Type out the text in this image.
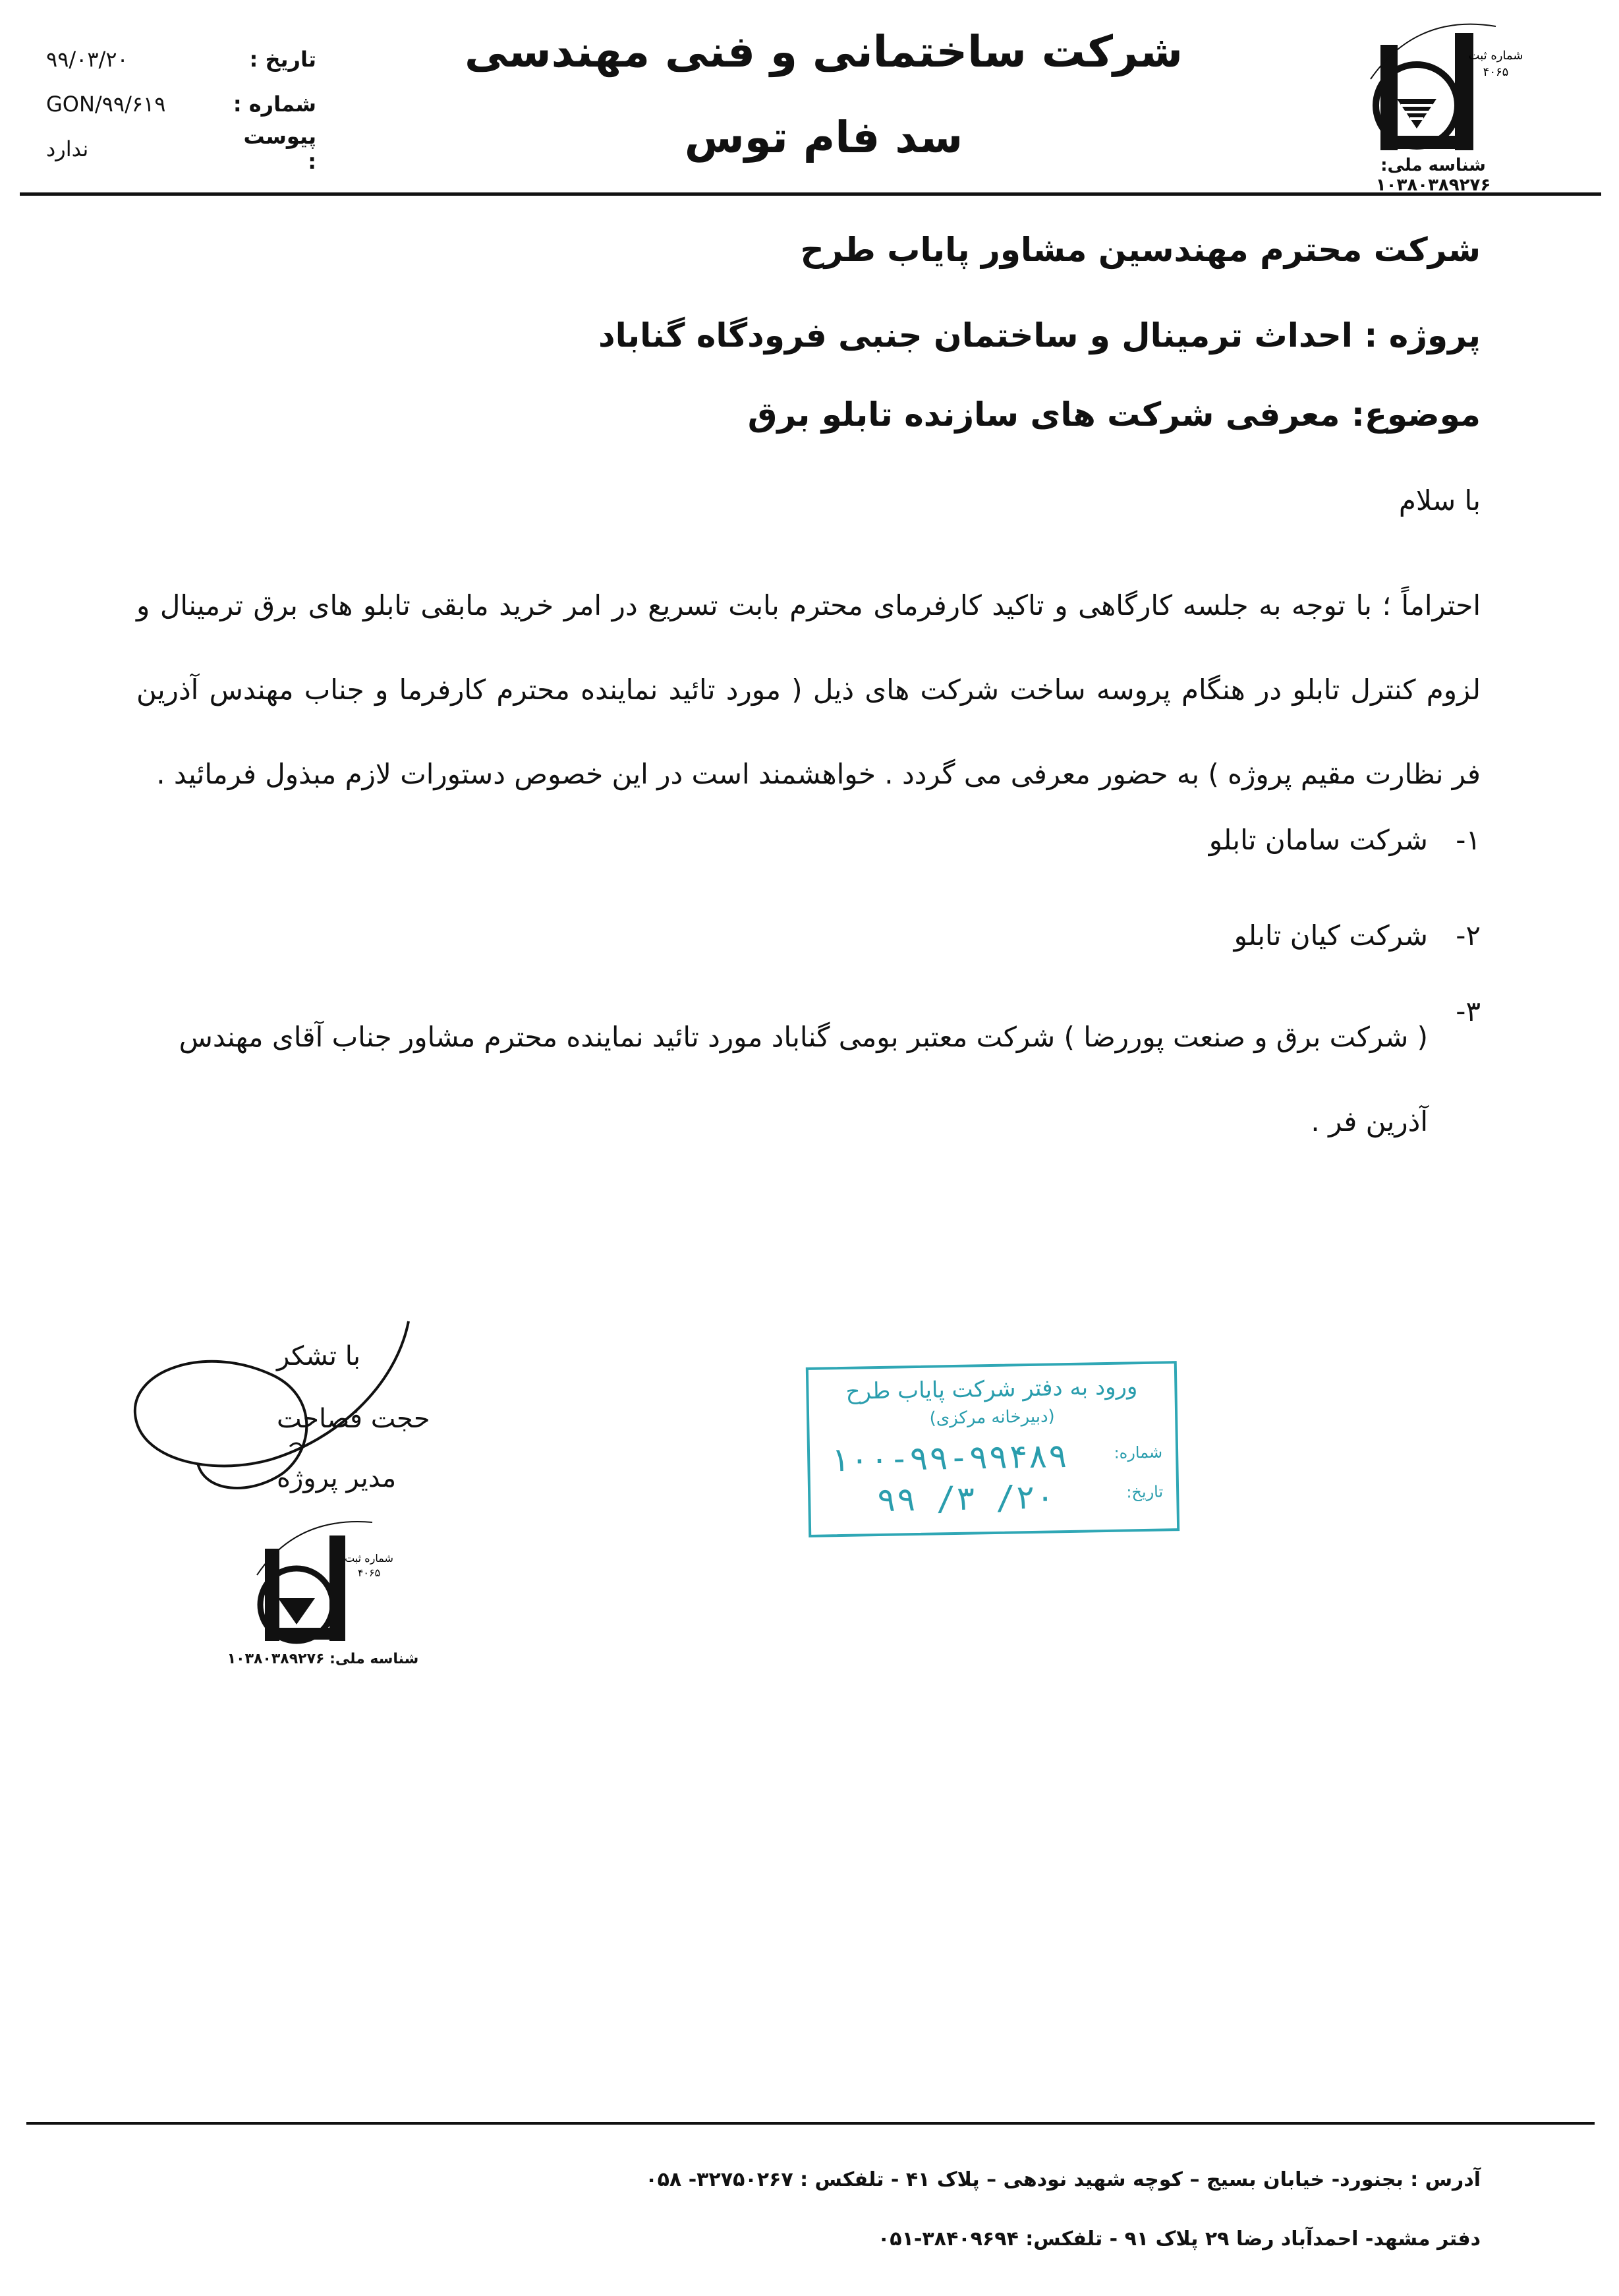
شماره ثبت
۴۰۶۵
شناسه ملی: ۱۰۳۸۰۳۸۹۲۷۶
شرکت ساختمانی و فنی مهندسی
سد فام توس
تاریخ :
۹۹/۰۳/۲۰
شماره :
GON/۹۹/۶۱۹
پیوست :
ندارد
شرکت محترم مهندسین مشاور پایاب طرح
پروژه : احداث ترمینال و ساختمان جنبی فرودگاه گناباد
موضوع: معرفی شرکت های سازنده تابلو برق
با سلام
احتراماً ؛ با توجه به جلسه کارگاهی و تاکید کارفرمای محترم بابت تسریع در امر خرید مابقی تابلو های برق ترمینال و لزوم کنترل تابلو در هنگام پروسه ساخت شرکت های ذیل ( مورد تائید نماینده محترم کارفرما و جناب مهندس آذرین فر نظارت مقیم پروژه ) به حضور معرفی می گردد . خواهشمند است در این خصوص دستورات لازم مبذول فرمائید .
۱-
شرکت سامان تابلو
۲-
شرکت کیان تابلو
۳-
( شرکت برق و صنعت پوررضا ) شرکت معتبر بومی گناباد مورد تائید نماینده محترم مشاور جناب آقای مهندس آذرین فر .
با تشکر
حجت فصاحت
مدیر پروژه
شماره ثبت
۴۰۶۵
شناسه ملی: ۱۰۳۸۰۳۸۹۲۷۶
ورود به دفتر شرکت پایاب طرح
(دبیرخانه مرکزی)
شماره:
تاریخ:
۱۰۰-۹۹-۹۹۴۸۹
۹۹ /۳ /۲۰
آدرس : بجنورد- خیابان بسیج – کوچه شهید نودهی – پلاک ۴۱ - تلفکس : ۳۲۷۵۰۲۶۷- ۰۵۸
دفتر مشهد- احمدآباد رضا ۲۹ پلاک ۹۱ - تلفکس: ۳۸۴۰۹۶۹۴-۰۵۱
